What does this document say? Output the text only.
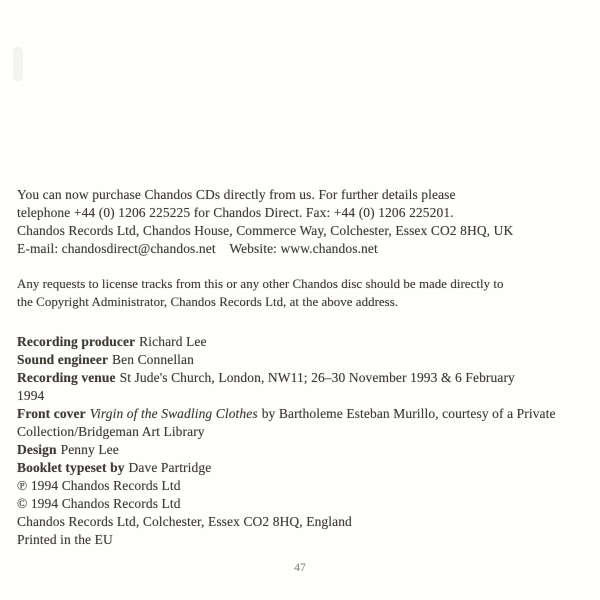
You can now purchase Chandos CDs directly from us. For further details please
telephone +44 (0) 1206 225225 for Chandos Direct. Fax: +44 (0) 1206 225201.
Chandos Records Ltd, Chandos House, Commerce Way, Colchester, Essex CO2 8HQ, UK
E-mail: chandosdirect@chandos.net    Website: www.chandos.net
Any requests to license tracks from this or any other Chandos disc should be made directly to
the Copyright Administrator, Chandos Records Ltd, at the above address.
Recording producer Richard Lee
Sound engineer Ben Connellan
Recording venue St Jude's Church, London, NW11; 26–30 November 1993 & 6 February
1994
Front cover Virgin of the Swadling Clothes by Bartholeme Esteban Murillo, courtesy of a Private
Collection/Bridgeman Art Library
Design Penny Lee
Booklet typeset by Dave Partridge
℗ 1994 Chandos Records Ltd
© 1994 Chandos Records Ltd
Chandos Records Ltd, Colchester, Essex CO2 8HQ, England
Printed in the EU
47
